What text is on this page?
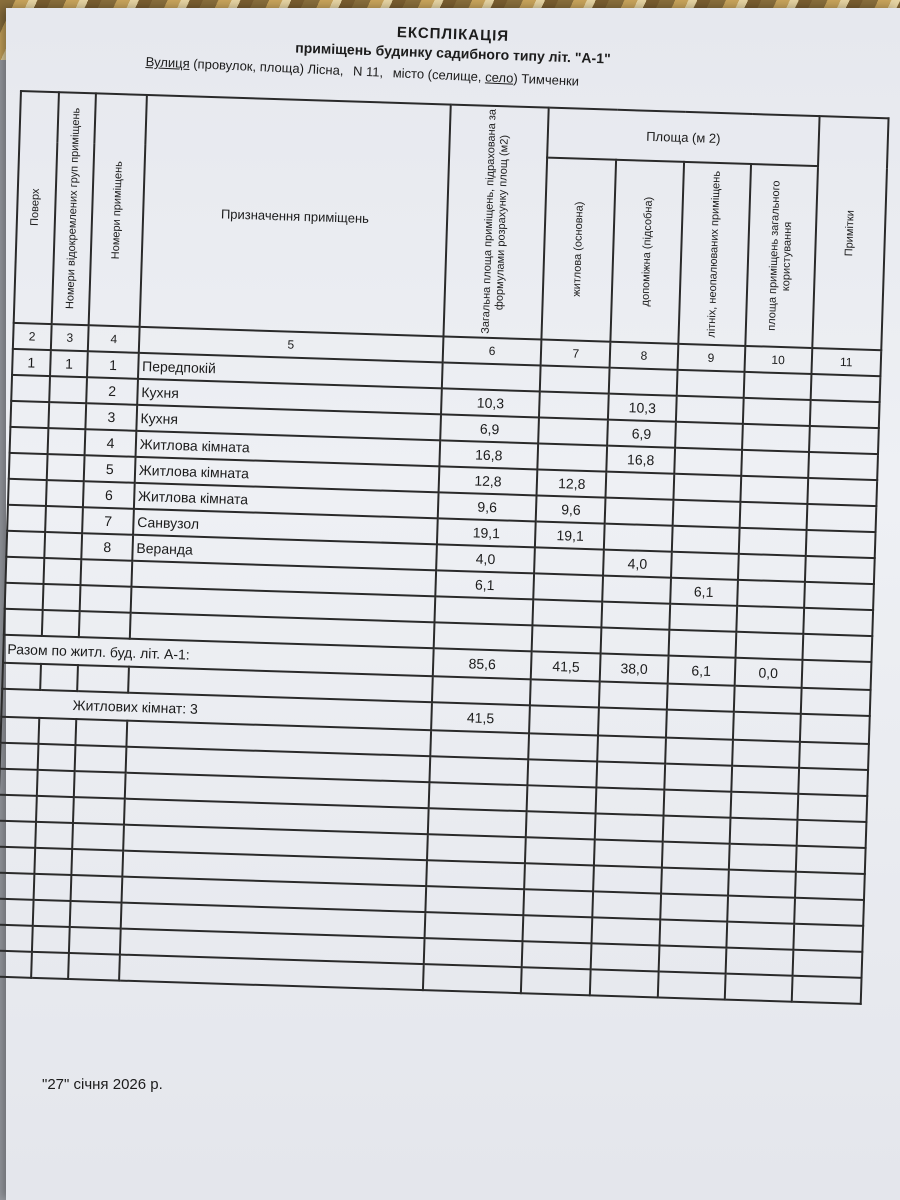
ЕКСПЛІКАЦІЯ
приміщень будинку садибного типу літ. "А-1"
Вулиця (провулок, площа) Лісна, N 11, місто (селище, село) Тимченки
Поверх	Номери відокремлених груп приміщень	Номери приміщень	Призначення приміщень	Загальна площа приміщень, підрахована за формулами розрахунку площ (м2)	Площа (м 2)				Примітки

					житлова (основна)	допоміжна (підсобна)	літніх, неопалюваних приміщень	площа приміщень загального користування	

2	3	4	5	6	7	8	9	10	11
1	1	1	Передпокій						
		2	Кухня	10,3		10,3			
		3	Кухня	6,9		6,9			
		4	Житлова кімната	16,8		16,8			
		5	Житлова кімната	12,8	12,8				
		6	Житлова кімната	9,6	9,6				
		7	Санвузол	19,1	19,1				
		8	Веранда	4,0		4,0			
				6,1			6,1		

Разом по житл. буд. літ. А-1:				85,6	41,5	38,0	6,1	0,0	

Житлових кімнат: 3				41,5					

"27" січня 2026 р.
